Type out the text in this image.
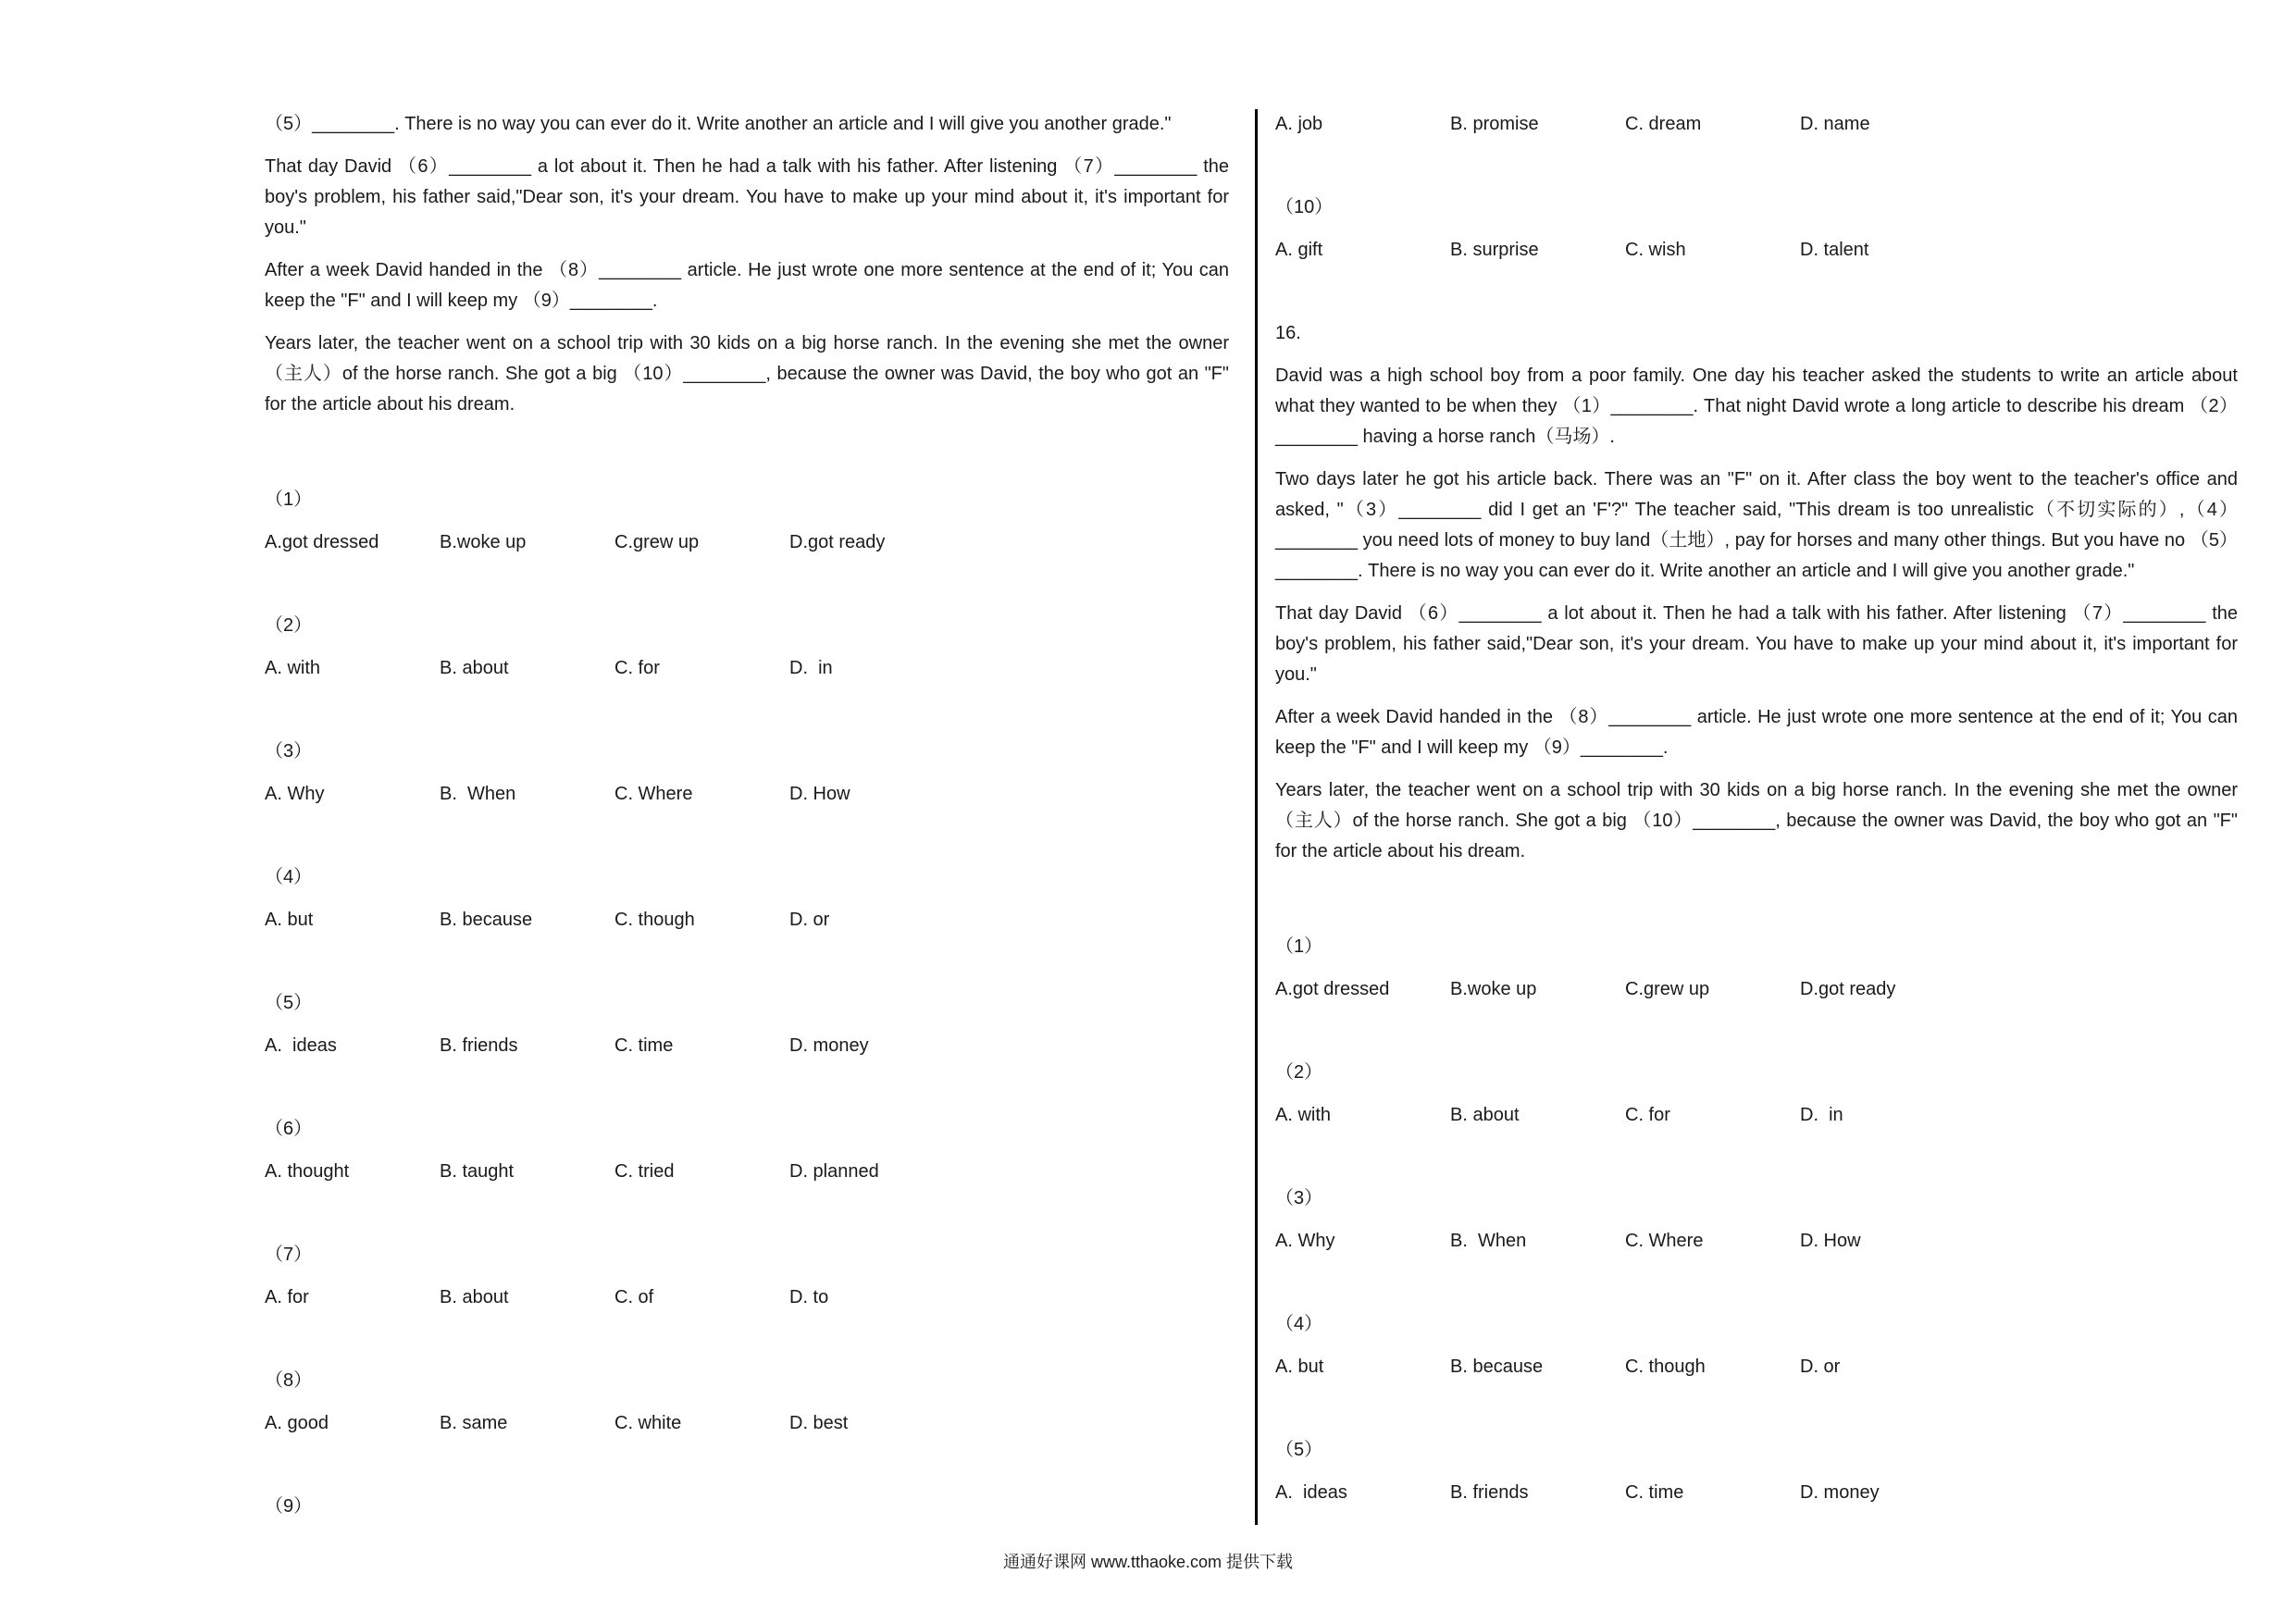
（5）________. There is no way you can ever do it. Write another an article and I will give you another grade."

That day David （6）________ a lot about it. Then he had a talk with his father. After listening （7）________ the boy's problem, his father said,"Dear son, it's your dream. You have to make up your mind about it, it's important for you."

After a week David handed in the （8）________ article. He just wrote one more sentence at the end of it; You can keep the "F" and I will keep my （9）________.

Years later, the teacher went on a school trip with 30 kids on a big horse ranch. In the evening she met the owner （主人）of the horse ranch. She got a big （10）________, because the owner was David, the boy who got an "F" for the article about his dream.

（1）

A.got dressed	B.woke up	C.grew up	D.got ready

（2）

A. with	B. about	C. for	D.  in

（3）

A. Why	B.  When	C. Where	D. How

（4）

A. but	B. because	C. though	D. or

（5）

A.  ideas	B. friends	C. time	D. money

（6）

A. thought	B. taught	C. tried	D. planned

（7）

A. for	B. about	C. of	D. to

（8）

A. good	B. same	C. white	D. best

（9）

A. job	B. promise	C. dream	D. name

（10）

A. gift	B. surprise	C. wish	D. talent

16.

David was a high school boy from a poor family. One day his teacher asked the students to write an article about what they wanted to be when they （1）________. That night David wrote a long article to describe his dream （2）________ having a horse ranch（马场）.

Two days later he got his article back. There was an "F" on it. After class the boy went to the teacher's office and asked, "（3）________ did I get an 'F'?" The teacher said, "This dream is too unrealistic（不切实际的）,（4）________ you need lots of money to buy land（土地）, pay for horses and many other things. But you have no （5）________. There is no way you can ever do it. Write another an article and I will give you another grade."

That day David （6）________ a lot about it. Then he had a talk with his father. After listening （7）________ the boy's problem, his father said,"Dear son, it's your dream. You have to make up your mind about it, it's important for you."

After a week David handed in the （8）________ article. He just wrote one more sentence at the end of it; You can keep the "F" and I will keep my （9）________.

Years later, the teacher went on a school trip with 30 kids on a big horse ranch. In the evening she met the owner （主人）of the horse ranch. She got a big （10）________, because the owner was David, the boy who got an "F" for the article about his dream.

（1）

A.got dressed	B.woke up	C.grew up	D.got ready

（2）

A. with	B. about	C. for	D.  in

（3）

A. Why	B.  When	C. Where	D. How

（4）

A. but	B. because	C. though	D. or

（5）

A.  ideas	B. friends	C. time	D. money
通通好课网 www.tthaoke.com 提供下载
